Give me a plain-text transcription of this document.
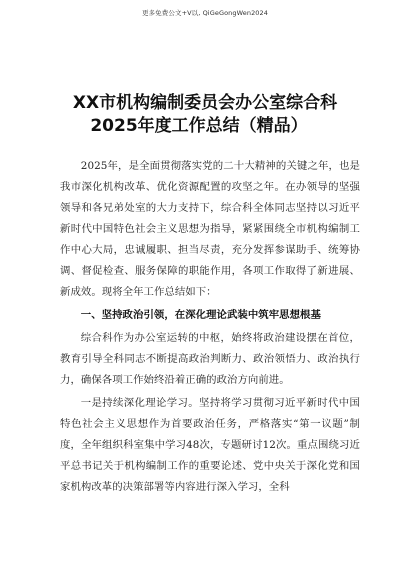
更多免费公文+V以, QiGeGongWen2024
XX市机构编制委员会办公室综合科
2025年度工作总结（精品）

2025年，是全面贯彻落实党的二十大精神的关键之年，也是我市深化机构改革、优化资源配置的攻坚之年。在办领导的坚强领导和各兄弟处室的大力支持下，综合科全体同志坚持以习近平新时代中国特色社会主义思想为指导，紧紧围绕全市机构编制工作中心大局，忠诚履职、担当尽责，充分发挥参谋助手、统筹协调、督促检查、服务保障的职能作用，各项工作取得了新进展、新成效。现将全年工作总结如下：

一、坚持政治引领，在深化理论武装中筑牢思想根基

综合科作为办公室运转的中枢，始终将政治建设摆在首位，教育引导全科同志不断提高政治判断力、政治领悟力、政治执行力，确保各项工作始终沿着正确的政治方向前进。

一是持续深化理论学习。坚持将学习贯彻习近平新时代中国特色社会主义思想作为首要政治任务，严格落实“第一议题”制度，全年组织科室集中学习48次，专题研讨12次。重点围绕习近平总书记关于机构编制工作的重要论述、党中央关于深化党和国家机构改革的决策部署等内容进行深入学习，全科
